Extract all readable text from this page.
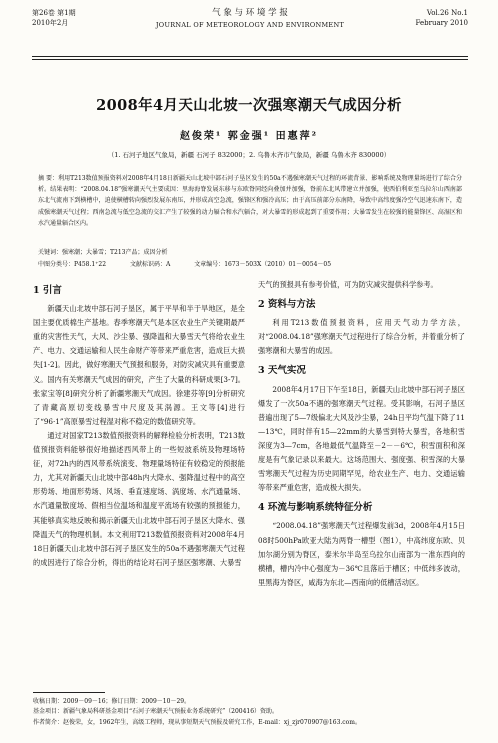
第26卷 第1期
2010年2月
气 象 与 环 境 学 报
JOURNAL OF METEOROLOGY AND ENVIRONMENT
Vol.26 No.1
February 2010
2008年4月天山北坡一次强寒潮天气成因分析
赵俊荣¹ 郭金强¹ 田惠萍²
（1. 石河子地区气象局，新疆 石河子 832000；2. 乌鲁木齐市气象局，新疆 乌鲁木齐 830000）

摘 要：利用T213数值预报资料对2008年4月18日新疆天山北坡中部石河子垦区发生的50a不遇强寒潮天气过程的环流背景、影响系统及物理量场进行了综合分析。结果表明：“2008.04.18”强寒潮天气主要成因：里海海脊发展东移与东欧脊同经向叠加并加强，脊前东北风带建立并加强，使西伯利亚至乌拉尔山西南部东北气流南下到横槽中，迫使横槽转向强烈发展东南压，并形成高空急流，强锋区和强冷高压；由于高压前部分东南降，导致中高纬度强冷空气迅速东南下，造成强寒潮天气过程；西南急流与低空急流的交汇产生了较强的动力辐合和水汽辐合，对大暴雪的形成起到了重要作用；大暴雪发生在较强的能量锋区、高湿区和水汽通量辐合区内。

关键词：强寒潮；大暴雪；T213产品；成因分析
中图分类号：P458.1⁺22	文献标识码：A	文章编号：1673－503X（2010）01－0054－05
1 引言

新疆天山北坡中部石河子垦区，属于平旱和半于旱地区，是全国主要优质棉生产基地。春季寒潮天气是本区农业生产关键期最严重的灾害性天气，大风、沙尘暴、强降温和大暴雪天气将给农业生产、电力、交通运输和人民生命财产等带来严重危害，造成巨大损失[1-2]。因此，做好寒潮天气预报和服务，对防灾减灾具有重要意义。国内有关寒潮天气成因的研究，产生了大量的科研成果[3-7]。张家宝等[8]研究分析了新疆寒潮天气成因。徐建芬等[9]分析研究了青藏高原切变线暴雪中尺度及其涡源。王文等[4]进行了“96·1”高原暴雪过程湿对称不稳定的数值研究等。

通过对国家T213数值预报资料的解释检验分析表明，T213数值预报资料能够很好地描述西风带上的一些短波系统及物理场特征，对72h内的西风带系统演变、物理量场特征有较稳定的预报能力，尤其对新疆天山北坡中部48h内大降水、强降温过程中的高空形势场、地面形势场、风场、垂直速度场、涡度场、水汽通量场、水汽通量散度场、假相当位温场和温度平流场有较强的预报能力，其能够真实地反映和揭示新疆天山北坡中部石河子垦区大降水、强降温天气的物理机制。本文利用T213数值预报资料对2008年4月18日新疆天山北坡中部石河子垦区发生的50a不遇强寒潮天气过程的成因进行了综合分析，得出的结论对石河子垦区强寒潮、大暴雪

天气的预报具有参考价值，可为防灾减灾提供科学参考。

2 资料与方法

利用T213数值预报资料，应用天气动力学方法，对“2008.04.18”强寒潮天气过程进行了综合分析，并着重分析了强寒潮和大暴雪的成因。

3 天气实况

2008年4月17日下午至18日，新疆天山北坡中部石河子垦区爆发了一次50a不遇的强寒潮天气过程。受其影响，石河子垦区普遍出现了5—7级偏北大风及沙尘暴，24h日平均气温下降了11—13℃，同时伴有15—22mm的大暴雪到特大暴雪，各地积雪深度为3—7cm，各地最低气温降至－2－－6℃，积雪面积和深度是有气象记录以来最大。这场范围大、强度强、积雪深的大暴雪寒潮天气过程为历史同期罕见，给农业生产、电力、交通运输等带来严重危害，造成极大损失。

4 环流与影响系统特征分析

“2008.04.18”强寒潮天气过程爆发前3d，2008年4月15日08时500hPa欧亚大陆为两脊一槽型（图1），中高纬度东欧、贝加尔湖分别为脊区，泰米尔半岛至乌拉尔山南部为一准东西向的横槽，槽内冷中心强度为－36℃且落后于槽区；中低纬多波动，里黑海为脊区，咸海为东北—西南向的低槽活动区。

收稿日期：2009－09－16；修订日期：2009－10－29。

基金项目：新疆气象局科研基金项目“石河子寒潮天气预报业务系统研究”（200416）资助。

作者简介：赵俊荣，女，1962年生，高级工程师，现从事短期天气预报及研究工作，E-mail：xj_zjr070907@163.com。
